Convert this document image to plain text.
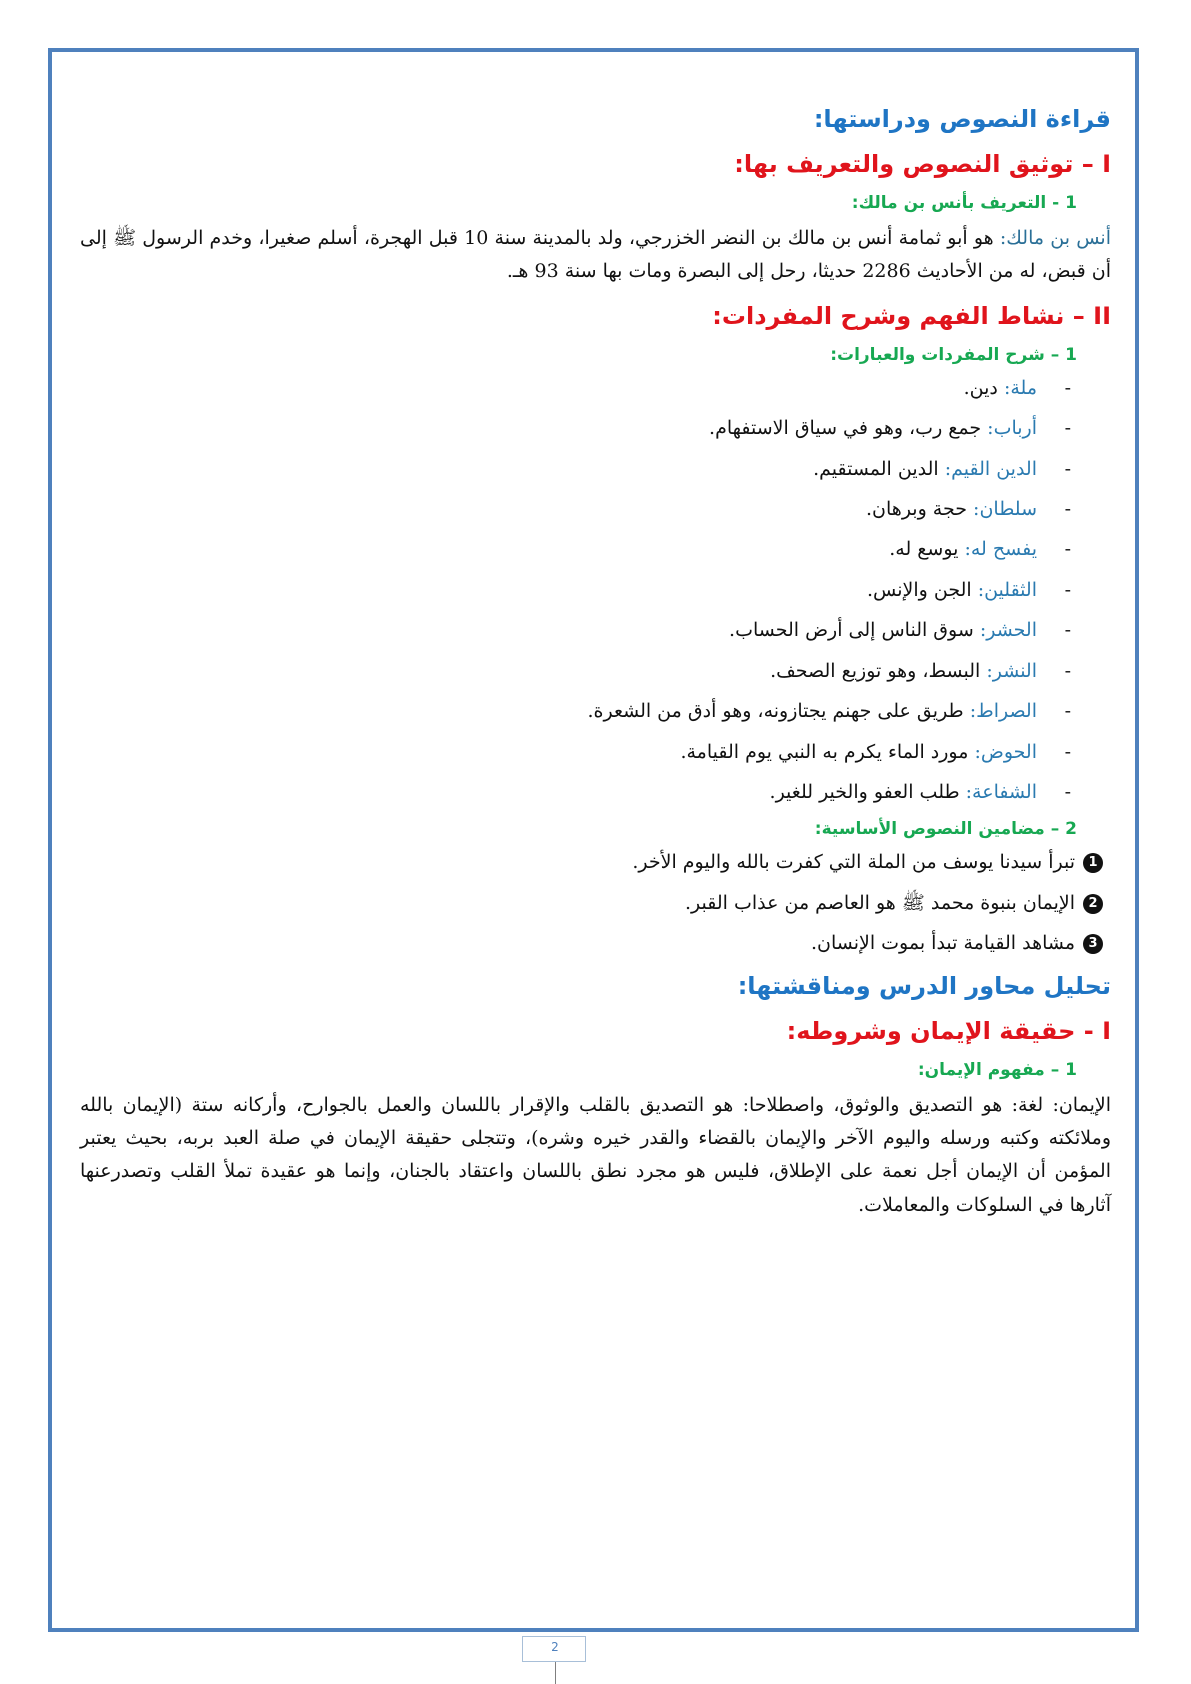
قراءة النصوص ودراستها:
I – توثيق النصوص والتعريف بها:
1 - التعريف بأنس بن مالك:

أنس بن مالك: هو أبو ثمامة أنس بن مالك بن النضر الخزرجي، ولد بالمدينة سنة 10 قبل الهجرة، أسلم صغيرا، وخدم الرسول ﷺ إلى أن قبض، له من الأحاديث 2286 حديثا، رحل إلى البصرة ومات بها سنة 93 هـ.

II – نشاط الفهم وشرح المفردات:
1 – شرح المفردات والعبارات:
-
ملة: دين.
-
أرباب: جمع رب، وهو في سياق الاستفهام.
-
الدين القيم: الدين المستقيم.
-
سلطان: حجة وبرهان.
-
يفسح له: يوسع له.
-
الثقلين: الجن والإنس.
-
الحشر: سوق الناس إلى أرض الحساب.
-
النشر: البسط، وهو توزيع الصحف.
-
الصراط: طريق على جهنم يجتازونه، وهو أدق من الشعرة.
-
الحوض: مورد الماء يكرم به النبي يوم القيامة.
-
الشفاعة: طلب العفو والخير للغير.
2 – مضامين النصوص الأساسية:
1تبرأ سيدنا يوسف من الملة التي كفرت بالله واليوم الأخر.
2الإيمان بنبوة محمد ﷺ هو العاصم من عذاب القبر.
3مشاهد القيامة تبدأ بموت الإنسان.
تحليل محاور الدرس ومناقشتها:
I - حقيقة الإيمان وشروطه:
1 – مفهوم الإيمان:

الإيمان: لغة: هو التصديق والوثوق، واصطلاحا: هو التصديق بالقلب والإقرار باللسان والعمل بالجوارح، وأركانه ستة (الإيمان بالله وملائكته وكتبه ورسله واليوم الآخر والإيمان بالقضاء والقدر خيره وشره)، وتتجلى حقيقة الإيمان في صلة العبد بربه، بحيث يعتبر المؤمن أن الإيمان أجل نعمة على الإطلاق، فليس هو مجرد نطق باللسان واعتقاد بالجنان، وإنما هو عقيدة تملأ القلب وتصدرعنها آثارها في السلوكات والمعاملات.

2
